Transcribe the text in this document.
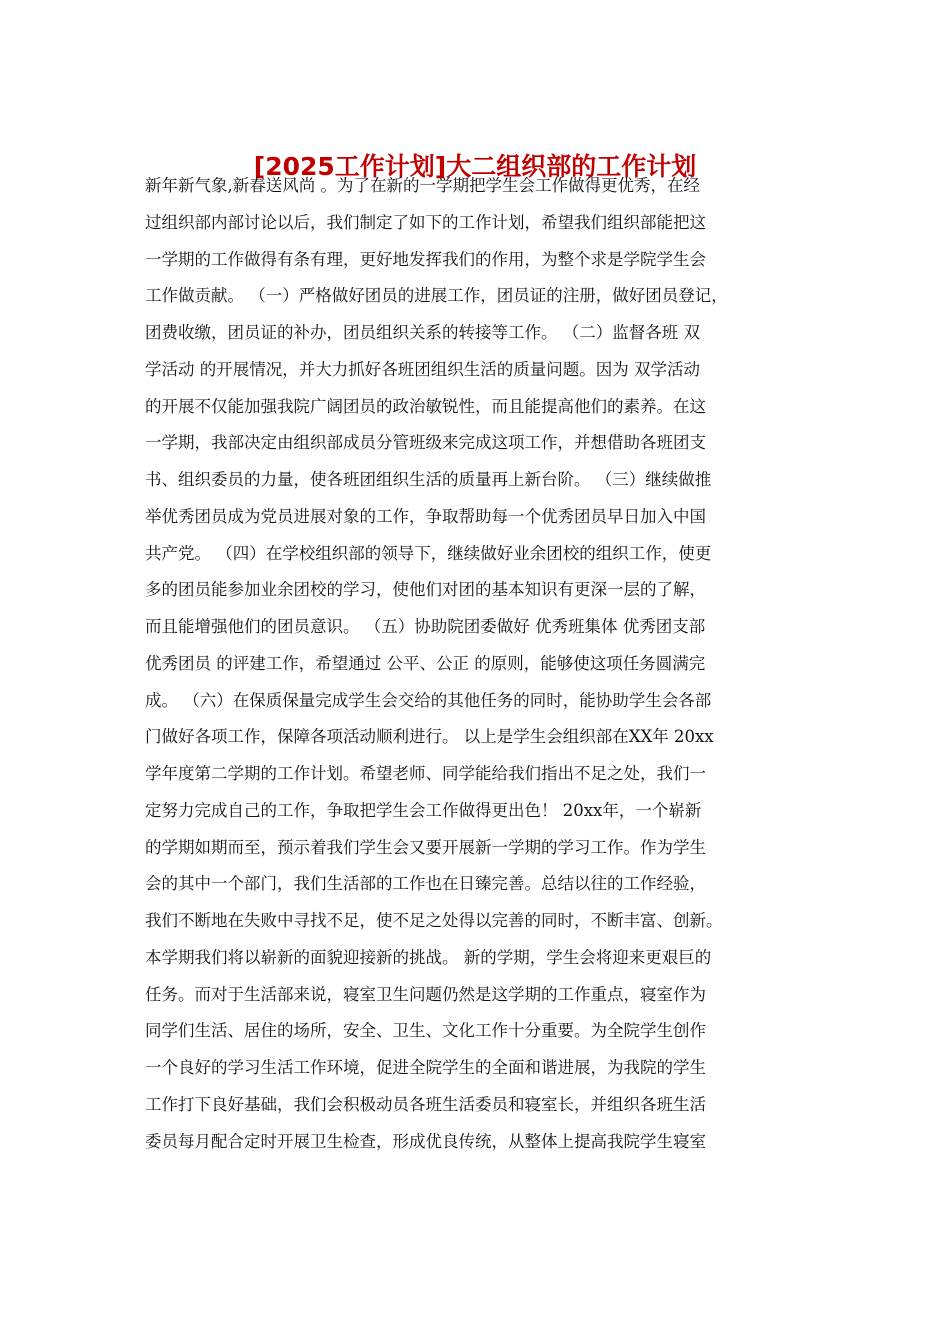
[2025工作计划]大二组织部的工作计划
新年新气象,新春送风尚 。为了在新的一学期把学生会工作做得更优秀，在经
过组织部内部讨论以后，我们制定了如下的工作计划，希望我们组织部能把这
一学期的工作做得有条有理，更好地发挥我们的作用，为整个求是学院学生会
工作做贡献。 （一）严格做好团员的进展工作，团员证的注册，做好团员登记，
团费收缴，团员证的补办，团员组织关系的转接等工作。 （二）监督各班 双
学活动 的开展情况，并大力抓好各班团组织生活的质量问题。因为 双学活动
的开展不仅能加强我院广阔团员的政治敏锐性，而且能提高他们的素养。在这
一学期，我部决定由组织部成员分管班级来完成这项工作，并想借助各班团支
书、组织委员的力量，使各班团组织生活的质量再上新台阶。 （三）继续做推
举优秀团员成为党员进展对象的工作，争取帮助每一个优秀团员早日加入中国
共产党。 （四）在学校组织部的领导下，继续做好业余团校的组织工作，使更
多的团员能参加业余团校的学习，使他们对团的基本知识有更深一层的了解，
而且能增强他们的团员意识。 （五）协助院团委做好 优秀班集体 优秀团支部
优秀团员 的评建工作，希望通过 公平、公正 的原则，能够使这项任务圆满完
成。 （六）在保质保量完成学生会交给的其他任务的同时，能协助学生会各部
门做好各项工作，保障各项活动顺利进行。 以上是学生会组织部在XX年 20xx
学年度第二学期的工作计划。希望老师、同学能给我们指出不足之处，我们一
定努力完成自己的工作，争取把学生会工作做得更出色！ 20xx年，一个崭新
的学期如期而至，预示着我们学生会又要开展新一学期的学习工作。作为学生
会的其中一个部门，我们生活部的工作也在日臻完善。总结以往的工作经验，
我们不断地在失败中寻找不足，使不足之处得以完善的同时，不断丰富、创新。
本学期我们将以崭新的面貌迎接新的挑战。 新的学期，学生会将迎来更艰巨的
任务。而对于生活部来说，寝室卫生问题仍然是这学期的工作重点，寝室作为
同学们生活、居住的场所，安全、卫生、文化工作十分重要。为全院学生创作
一个良好的学习生活工作环境，促进全院学生的全面和谐进展，为我院的学生
工作打下良好基础，我们会积极动员各班生活委员和寝室长，并组织各班生活
委员每月配合定时开展卫生检查，形成优良传统，从整体上提高我院学生寝室
